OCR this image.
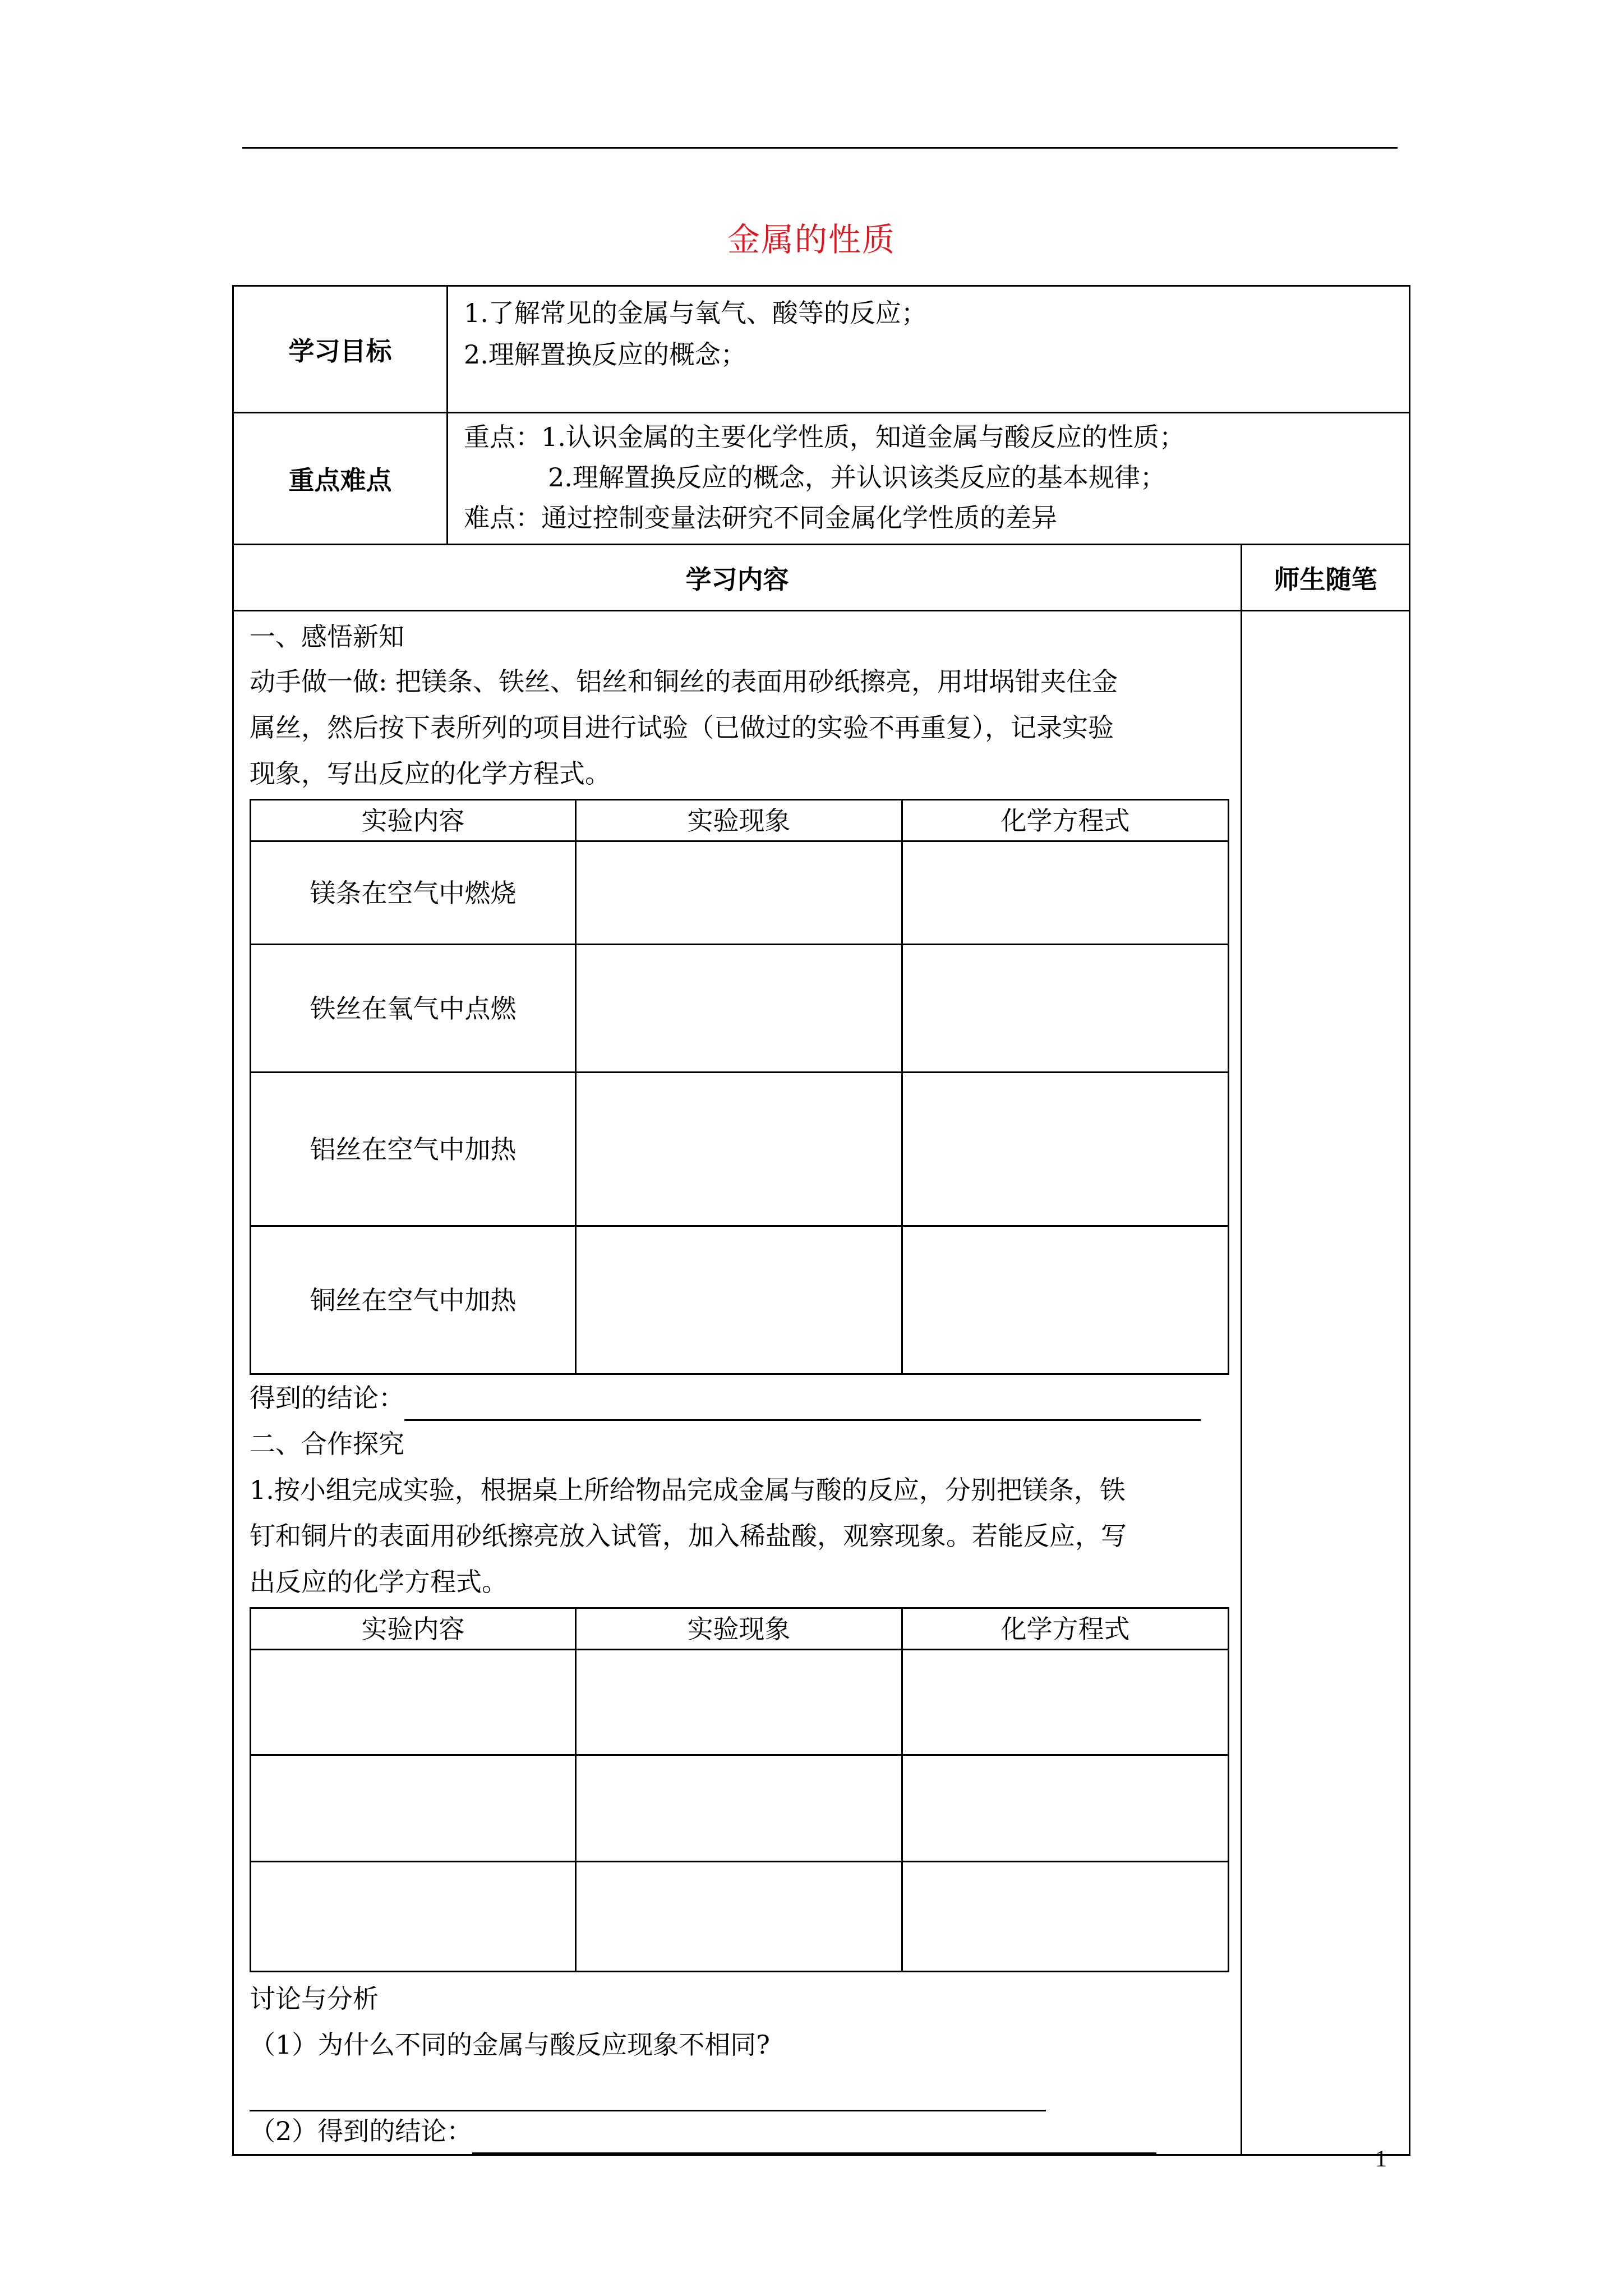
金属的性质
学习目标	
1.了解常见的金属与氧气、酸等的反应；
2.理解置换反应的概念；

重点难点	
重点：1.认识金属的主要化学性质，知道金属与酸反应的性质；
2.理解置换反应的概念，并认识该类反应的基本规律；
难点：通过控制变量法研究不同金属化学性质的差异

学习内容	师生随笔

一、感悟新知
动手做一做: 把镁条、铁丝、铝丝和铜丝的表面用砂纸擦亮，用坩埚钳夹住金
属丝，然后按下表所列的项目进行试验（已做过的实验不再重复），记录实验
现象，写出反应的化学方程式。
实验内容	实验现象	化学方程式
镁条在空气中燃烧		
铁丝在氧气中点燃		
铝丝在空气中加热		
铜丝在空气中加热		
得到的结论：
二、合作探究
1.按小组完成实验，根据桌上所给物品完成金属与酸的反应，分别把镁条，铁
钉和铜片的表面用砂纸擦亮放入试管，加入稀盐酸，观察现象。若能反应，写
出反应的化学方程式。
实验内容	实验现象	化学方程式

讨论与分析
（1）为什么不同的金属与酸反应现象不相同?
（2）得到的结论：

1
